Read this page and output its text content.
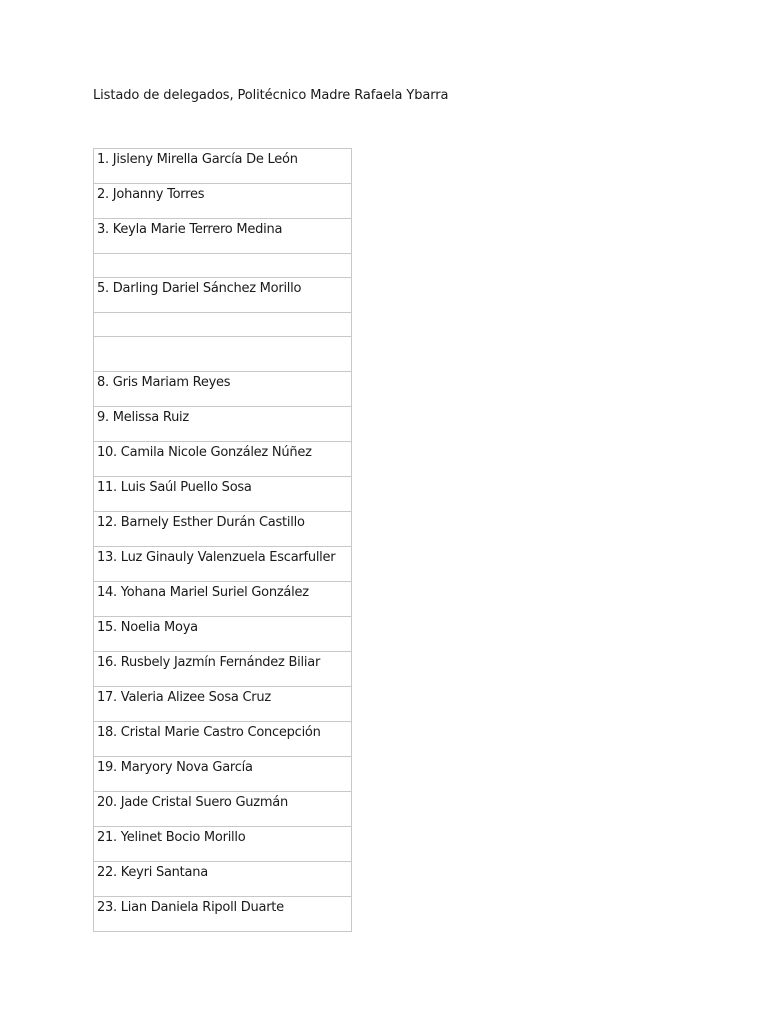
Listado de delegados, Politécnico Madre Rafaela Ybarra
1. Jisleny Mirella García De León
2. Johanny Torres
3. Keyla Marie Terrero Medina

5. Darling Dariel Sánchez Morillo

8. Gris Mariam Reyes
9. Melissa Ruiz
10. Camila Nicole González Núñez
11. Luis Saúl Puello Sosa
12. Barnely Esther Durán Castillo
13. Luz Ginauly Valenzuela Escarfuller
14. Yohana Mariel Suriel González
15. Noelia Moya
16. Rusbely Jazmín Fernández Biliar
17. Valeria Alizee Sosa Cruz
18. Cristal Marie Castro Concepción
19. Maryory Nova García
20. Jade Cristal Suero Guzmán
21. Yelinet Bocio Morillo
22. Keyri Santana
23. Lian Daniela Ripoll Duarte
